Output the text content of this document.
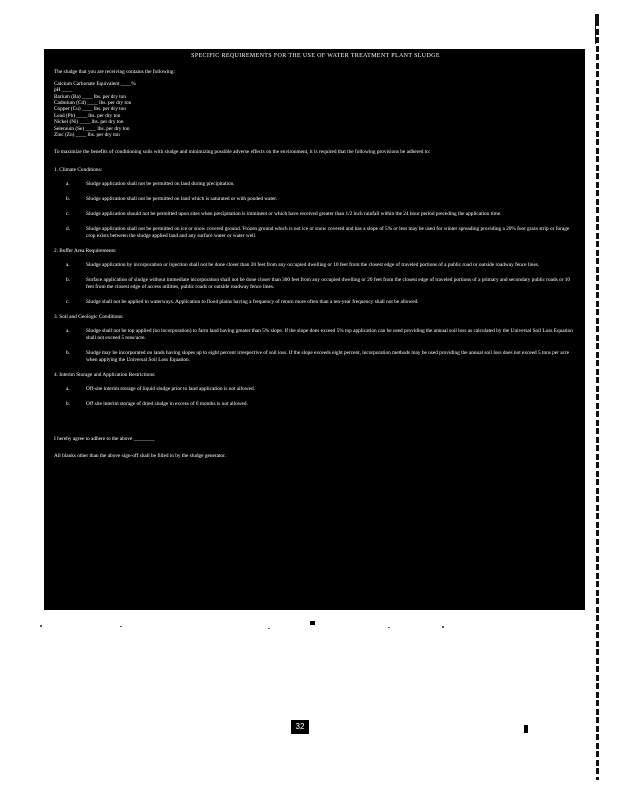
SPECIFIC REQUIREMENTS FOR THE USE OF WATER TREATMENT PLANT SLUDGE

The sludge that you are receiving contains the following:

Calcium Carbonate Equivalent ____%
pH ____
Barium (Ba) ____ lbs. per dry ton
Cadmium (Cd) ____ lbs. per dry ton
Copper (Cu) ____ lbs. per dry ton
Lead (Pb) ____ lbs. per dry ton
Nickel (Ni) ____ lbs. per dry ton
Selenium (Se) ____ lbs. per dry ton
Zinc (Zn) ____ lbs. per dry ton

To maximize the benefits of conditioning soils with sludge and minimizing possible adverse effects on the environment, it is required that the following provisions be adhered to:

1. Climate Conditions:

a.	Sludge application shall not be permitted on land during precipitation.
b.	Sludge application shall not be permitted on land which is saturated or with ponded water.
c.	Sludge application should not be permitted upon sites when precipitation is imminent or which have received greater than 1/2 inch rainfall within the 24 hour period preceding the application time.
d.	Sludge application shall not be permitted on ice or snow covered ground. Frozen ground which is not ice or snow covered and has a slope of 5% or less may be used for winter spreading providing a 20% foot grass strip or forage crop exists between the sludge applied land and any surface water or water well.

2. Buffer Area Requirements:

a.	Sludge application by incorporation or injection shall not be done closer than 20 feet from any occupied dwelling or 10 feet from the closest edge of traveled portions of a public road or outside roadway fence lines.
b.	Surface application of sludge without immediate incorporation shall not be done closer than 300 feet from any occupied dwelling or 20 feet from the closest edge of traveled portions of a primary and secondary public roads or 10 feet from the closest edge of access utilities, public roads or outside roadway fence lines.
c.	Sludge shall not be applied in waterways. Application to flood plains having a frequency of return more often than a ten-year frequency shall not be allowed.

3. Soil and Geologic Conditions:

a.	Sludge shall not be top applied (no incorporation) to farm land having greater than 5% slope. If the slope does exceed 5% top application can be used providing the annual soil loss as calculated by the Universal Soil Loss Equation shall not exceed 5 tons/acre.
b.	Sludge may be incorporated on lands having slopes up to eight percent irrespective of soil loss. If the slope exceeds eight percent, incorporation methods may be used providing the annual soil loss does not exceed 5 tons per acre when applying the Universal Soil Loss Equation.

4. Interim Storage and Application Restrictions:

a.	Off-site interim storage of liquid sludge prior to land application is not allowed.
b.	Off site interim storage of dried sludge in excess of 6 months is not allowed.

I hereby agree to adhere to the above ________

All blanks other than the above sign-off shall be filled in by the sludge generator.

32
